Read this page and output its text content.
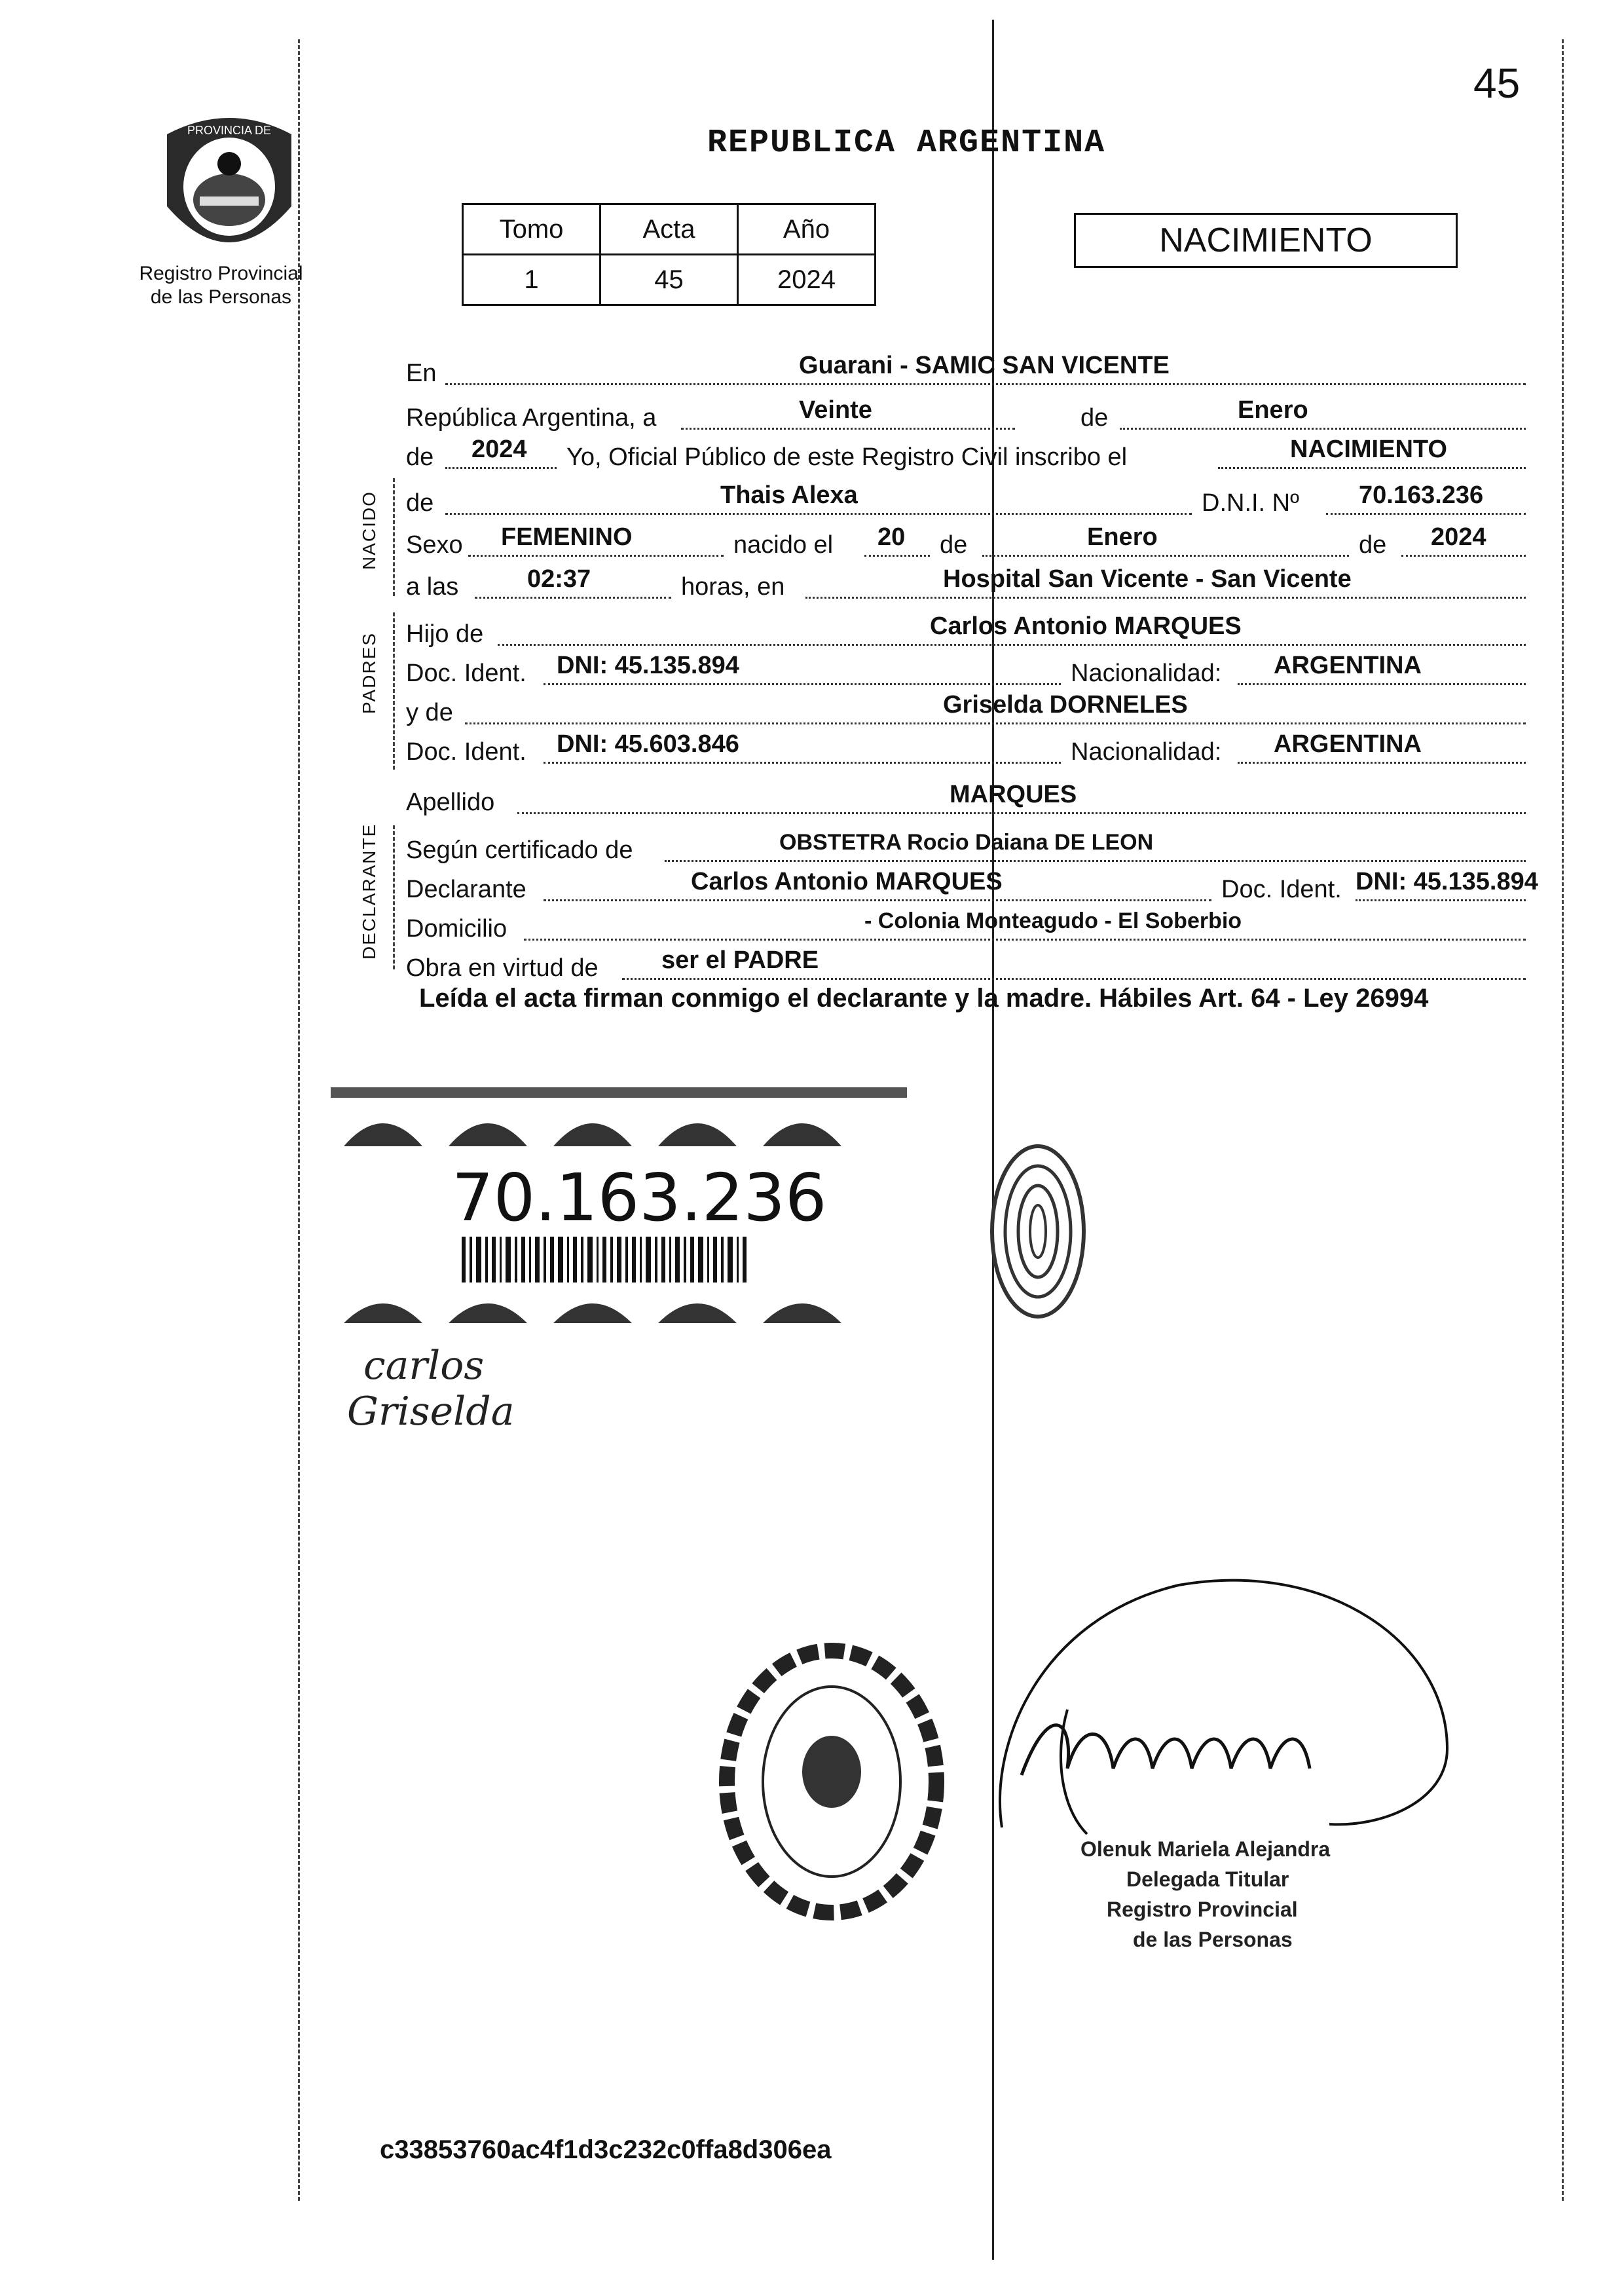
45
PROVINCIA DE
MISIONES
Registro Provincial
de las Personas
REPUBLICA ARGENTINA
Tomo	Acta	Año
1	45	2024
NACIMIENTO
En	Guarani - SAMIC SAN VICENTE
República Argentina, a	Veinte	de	Enero
de 2024 Yo, Oficial Público de este Registro Civil inscribo el	NACIMIENTO
NACIDO de	Thais Alexa	D.N.I. Nº 70.163.236
Sexo FEMENINO	nacido el 20 de	Enero	de 2024
a las	02:37	horas, en	Hospital San Vicente - San Vicente
PADRES Hijo de	Carlos Antonio MARQUES
Doc. Ident. DNI: 45.135.894	Nacionalidad: ARGENTINA
y de	Griselda DORNELES
Doc. Ident. DNI: 45.603.846	Nacionalidad: ARGENTINA
Apellido	MARQUES
DECLARANTE Según certificado de	OBSTETRA Rocio Daiana DE LEON
Declarante	Carlos Antonio MARQUES	Doc. Ident. DNI: 45.135.894
Domicilio	- Colonia Monteagudo - El Soberbio
Obra en virtud de	ser el PADRE
Leída el acta firman conmigo el declarante y la madre. Hábiles Art. 64 - Ley 26994
70.163.236
carlos
Griselda
Olenuk Mariela Alejandra
Delegada Titular
Registro Provincial
de las Personas
c33853760ac4f1d3c232c0ffa8d306ea
